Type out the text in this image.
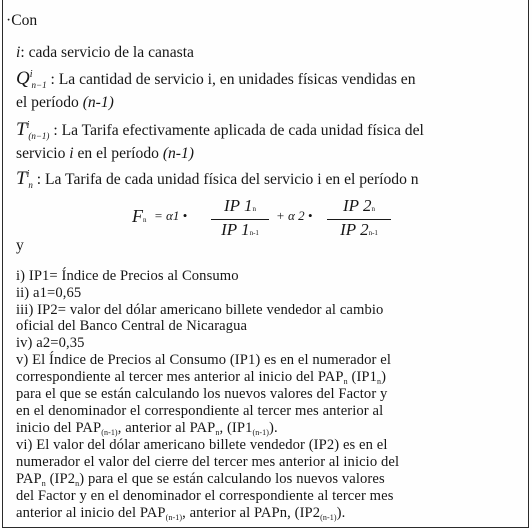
·Con
i: cada servicio de la canasta
$Q^i_{n-1}$ : La cantidad de servicio i, en unidades físicas vendidas en
el período (n-1)
$T^i_{(n-1)}$ : La Tarifa efectivamente aplicada de cada unidad física del
servicio i en el período (n-1)
$T^i_n$ : La Tarifa de cada unidad física del servicio i en el período n
Fn = α1 •
IP 1n
IP 1n-1
+ α 2 •
IP 2n
IP 2n-1
y
i) IP1= Índice de Precios al Consumo
ii) a1=0,65
iii) IP2= valor del dólar americano billete vendedor al cambio
oficial del Banco Central de Nicaragua
iv) a2=0,35
v) El Índice de Precios al Consumo (IP1) es en el numerador el
correspondiente al tercer mes anterior al inicio del $PAP_n$ $(IP1_n)$
para el que se están calculando los nuevos valores del Factor y
en el denominador el correspondiente al tercer mes anterior al
inicio del $PAP_{(n-1)}$, anterior al $PAP_n$, $(IP1_{(n-1)})$.
vi) El valor del dólar americano billete vendedor (IP2) es en el
numerador el valor del cierre del tercer mes anterior al inicio del
$PAP_n$ $(IP2_n)$ para el que se están calculando los nuevos valores
del Factor y en el denominador el correspondiente al tercer mes
anterior al inicio del $PAP_{(n-1)}$, anterior al PAPn, $(IP2_{(n-1)})$.
